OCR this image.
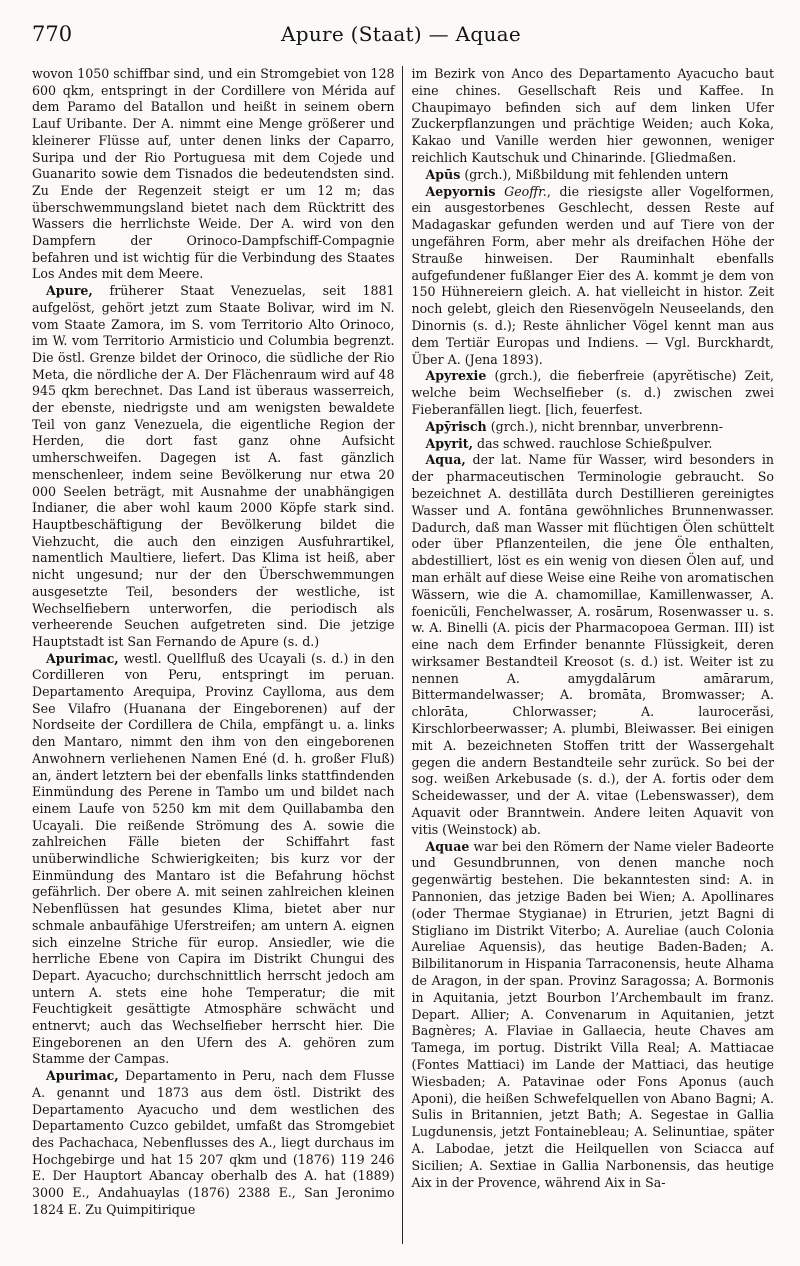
770	Apure (Staat) — Aquae

wovon 1050 schiffbar sind, und ein Stromgebiet von 128 600 qkm, entspringt in der Cordillere von Mérida auf dem Paramo del Batallon und heißt in seinem obern Lauf Uribante. Der A. nimmt eine Menge größerer und kleinerer Flüsse auf, unter denen links der Caparro, Suripa und der Rio Portuguesa mit dem Cojede und Guanarito sowie dem Tisnados die bedeutendsten sind. Zu Ende der Regenzeit steigt er um 12 m; das überschwemmungsland bietet nach dem Rücktritt des Wassers die herrlichste Weide. Der A. wird von den Dampfern der Orinoco-Dampfschiff-Compagnie befahren und ist wichtig für die Verbindung des Staates Los Andes mit dem Meere.

Apure, früherer Staat Venezuelas, seit 1881 aufgelöst, gehört jetzt zum Staate Bolivar, wird im N. vom Staate Zamora, im S. vom Territorio Alto Orinoco, im W. vom Territorio Armisticio und Columbia begrenzt. Die östl. Grenze bildet der Orinoco, die südliche der Rio Meta, die nördliche der A. Der Flächenraum wird auf 48 945 qkm berechnet. Das Land ist überaus wasserreich, der ebenste, niedrigste und am wenigsten bewaldete Teil von ganz Venezuela, die eigentliche Region der Herden, die dort fast ganz ohne Aufsicht umherschweifen. Dagegen ist A. fast gänzlich menschenleer, indem seine Bevölkerung nur etwa 20 000 Seelen beträgt, mit Ausnahme der unabhängigen Indianer, die aber wohl kaum 2000 Köpfe stark sind. Hauptbeschäftigung der Bevölkerung bildet die Viehzucht, die auch den einzigen Ausfuhrartikel, namentlich Maultiere, liefert. Das Klima ist heiß, aber nicht ungesund; nur der den Überschwemmungen ausgesetzte Teil, besonders der westliche, ist Wechselfiebern unterworfen, die periodisch als verheerende Seuchen aufgetreten sind. Die jetzige Hauptstadt ist San Fernando de Apure (s. d.)

Apurimac, westl. Quellfluß des Ucayali (s. d.) in den Cordilleren von Peru, entspringt im peruan. Departamento Arequipa, Provinz Caylloma, aus dem See Vilafro (Huanana der Eingeborenen) auf der Nordseite der Cordillera de Chila, empfängt u. a. links den Mantaro, nimmt den ihm von den eingeborenen Anwohnern verliehenen Namen Ené (d. h. großer Fluß) an, ändert letztern bei der ebenfalls links stattfindenden Einmündung des Perene in Tambo um und bildet nach einem Laufe von 5250 km mit dem Quillabamba den Ucayali. Die reißende Strömung des A. sowie die zahlreichen Fälle bieten der Schiffahrt fast unüberwindliche Schwierigkeiten; bis kurz vor der Einmündung des Mantaro ist die Befahrung höchst gefährlich. Der obere A. mit seinen zahlreichen kleinen Nebenflüssen hat gesundes Klima, bietet aber nur schmale anbaufähige Uferstreifen; am untern A. eignen sich einzelne Striche für europ. Ansiedler, wie die herrliche Ebene von Capira im Distrikt Chungui des Depart. Ayacucho; durchschnittlich herrscht jedoch am untern A. stets eine hohe Temperatur; die mit Feuchtigkeit gesättigte Atmosphäre schwächt und entnervt; auch das Wechselfieber herrscht hier. Die Eingeborenen an den Ufern des A. gehören zum Stamme der Campas.

Apurimac, Departamento in Peru, nach dem Flusse A. genannt und 1873 aus dem östl. Distrikt des Departamento Ayacucho und dem westlichen des Departamento Cuzco gebildet, umfaßt das Stromgebiet des Pachachaca, Nebenflusses des A., liegt durchaus im Hochgebirge und hat 15 207 qkm und (1876) 119 246 E. Der Hauptort Abancay oberhalb des A. hat (1889) 3000 E., Andahuaylas (1876) 2388 E., San Jeronimo 1824 E. Zu Quimpitirique

im Bezirk von Anco des Departamento Ayacucho baut eine chines. Gesellschaft Reis und Kaffee. In Chaupimayo befinden sich auf dem linken Ufer Zuckerpflanzungen und prächtige Weiden; auch Koka, Kakao und Vanille werden hier gewonnen, weniger reichlich Kautschuk und Chinarinde. [Gliedmaßen.

Apūs (grch.), Mißbildung mit fehlenden untern

Aepyornis Geoffr., die riesigste aller Vogelformen, ein ausgestorbenes Geschlecht, dessen Reste auf Madagaskar gefunden werden und auf Tiere von der ungefähren Form, aber mehr als dreifachen Höhe der Strauße hinweisen. Der Rauminhalt ebenfalls aufgefundener fußlanger Eier des A. kommt je dem von 150 Hühnereiern gleich. A. hat vielleicht in histor. Zeit noch gelebt, gleich den Riesenvögeln Neuseelands, den Dinornis (s. d.); Reste ähnlicher Vögel kennt man aus dem Tertiär Europas und Indiens. — Vgl. Burckhardt, Über A. (Jena 1893).

Apyrexie (grch.), die fieberfreie (apyrĕtische) Zeit, welche beim Wechselfieber (s. d.) zwischen zwei Fieberanfällen liegt. [lich, feuerfest.

Apȳrisch (grch.), nicht brennbar, unverbrenn-

Apyrit, das schwed. rauchlose Schießpulver.

Aqua, der lat. Name für Wasser, wird besonders in der pharmaceutischen Terminologie gebraucht. So bezeichnet A. destillāta durch Destillieren gereinigtes Wasser und A. fontāna gewöhnliches Brunnenwasser. Dadurch, daß man Wasser mit flüchtigen Ölen schüttelt oder über Pflanzenteilen, die jene Öle enthalten, abdestilliert, löst es ein wenig von diesen Ölen auf, und man erhält auf diese Weise eine Reihe von aromatischen Wässern, wie die A. chamomillae, Kamillenwasser, A. foenicŭli, Fenchelwasser, A. rosārum, Rosenwasser u. s. w. A. Binelli (A. picis der Pharmacopoea German. III) ist eine nach dem Erfinder benannte Flüssigkeit, deren wirksamer Bestandteil Kreosot (s. d.) ist. Weiter ist zu nennen A. amygdalārum amārarum, Bittermandelwasser; A. bromāta, Bromwasser; A. chlorāta, Chlorwasser; A. laurocerăsi, Kirschlorbeerwasser; A. plumbi, Bleiwasser. Bei einigen mit A. bezeichneten Stoffen tritt der Wassergehalt gegen die andern Bestandteile sehr zurück. So bei der sog. weißen Arkebusade (s. d.), der A. fortis oder dem Scheidewasser, und der A. vitae (Lebenswasser), dem Aquavit oder Branntwein. Andere leiten Aquavit von vitis (Weinstock) ab.

Aquae war bei den Römern der Name vieler Badeorte und Gesundbrunnen, von denen manche noch gegenwärtig bestehen. Die bekanntesten sind: A. in Pannonien, das jetzige Baden bei Wien; A. Apollinares (oder Thermae Stygianae) in Etrurien, jetzt Bagni di Stigliano im Distrikt Viterbo; A. Aureliae (auch Colonia Aureliae Aquensis), das heutige Baden-Baden; A. Bilbilitanorum in Hispania Tarraconensis, heute Alhama de Aragon, in der span. Provinz Saragossa; A. Bormonis in Aquitania, jetzt Bourbon l’Archembault im franz. Depart. Allier; A. Convenarum in Aquitanien, jetzt Bagnères; A. Flaviae in Gallaecia, heute Chaves am Tamega, im portug. Distrikt Villa Real; A. Mattiacae (Fontes Mattiaci) im Lande der Mattiaci, das heutige Wiesbaden; A. Patavinae oder Fons Aponus (auch Aponi), die heißen Schwefelquellen von Abano Bagni; A. Sulis in Britannien, jetzt Bath; A. Segestae in Gallia Lugdunensis, jetzt Fontainebleau; A. Selinuntiae, später A. Labodae, jetzt die Heilquellen von Sciacca auf Sicilien; A. Sextiae in Gallia Narbonensis, das heutige Aix in der Provence, während Aix in Sa-
